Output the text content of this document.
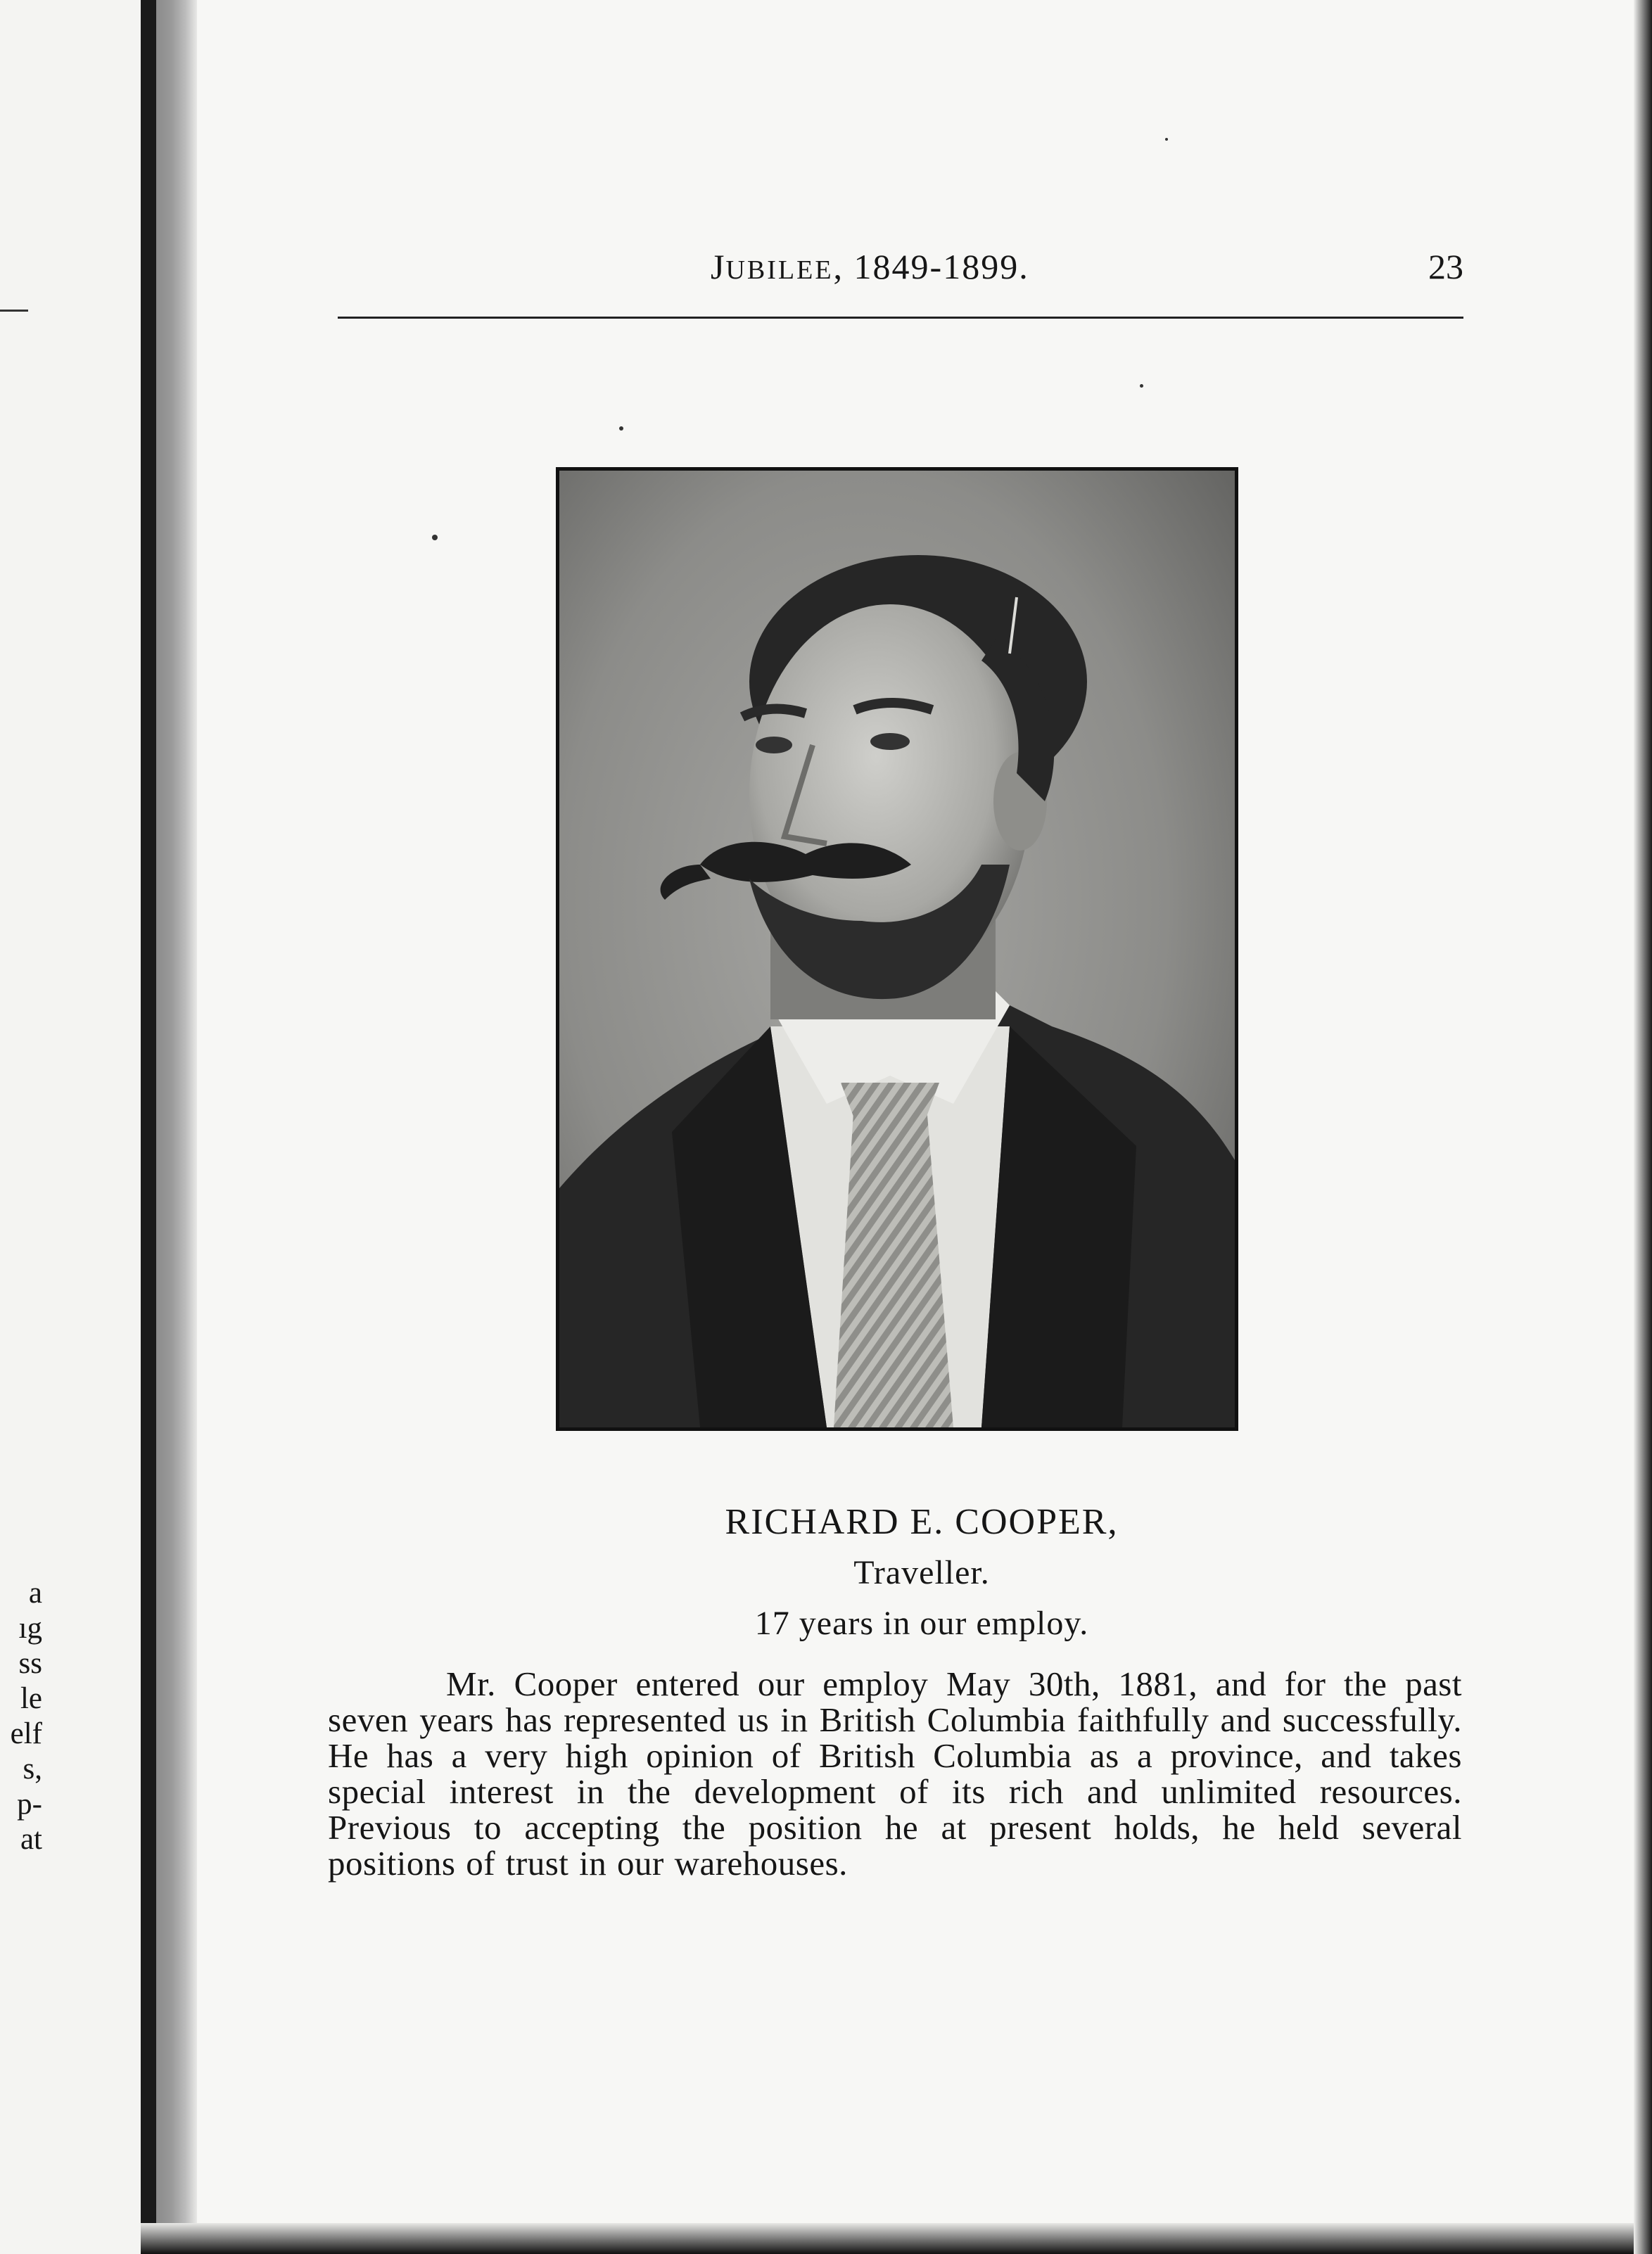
a
ıg
ss
le
elf
s,
p-
at
JUBILEE, 1849-1899.	23
RICHARD E. COOPER,
Traveller.
17 years in our employ.
Mr. Cooper entered our employ May 30th, 1881, and for the past seven years has represented us in British Columbia faithfully and successfully. He has a very high opinion of British Columbia as a province, and takes special interest in the development of its rich and unlimited resources. Previous to accepting the position he at present holds, he held several positions of trust in our warehouses.
